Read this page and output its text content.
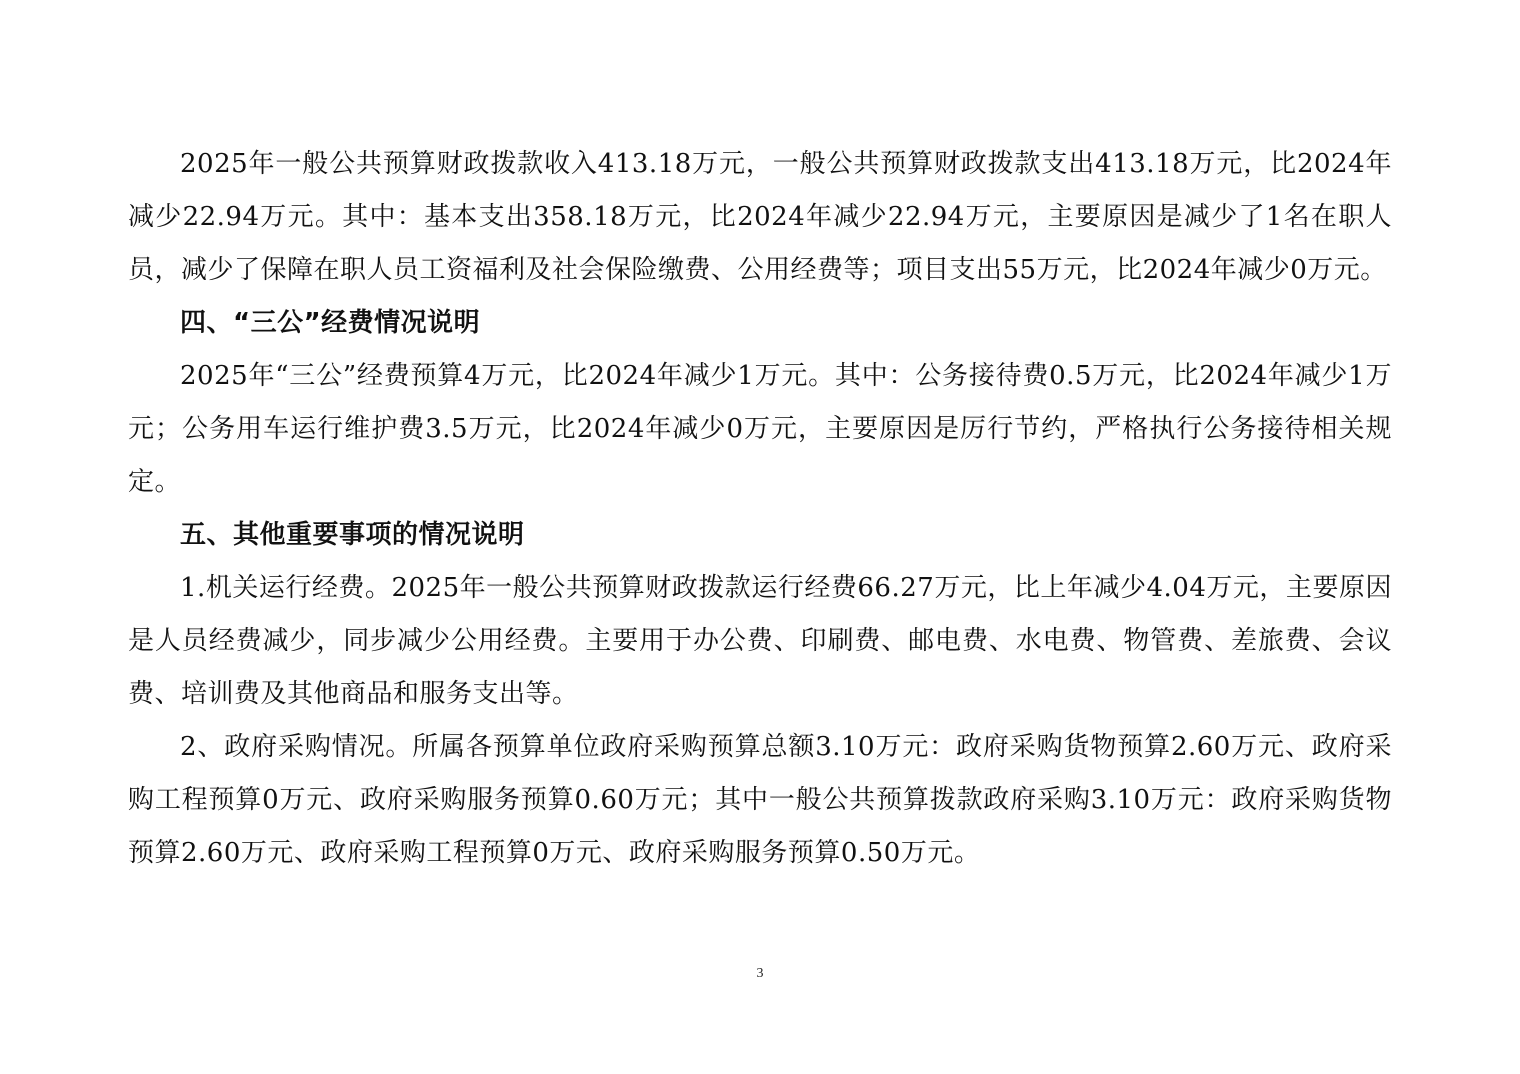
2025年一般公共预算财政拨款收入413.18万元，一般公共预算财政拨款支出413.18万元，比2024年减少22.94万元。其中：基本支出358.18万元，比2024年减少22.94万元，主要原因是减少了1名在职人员，减少了保障在职人员工资福利及社会保险缴费、公用经费等；项目支出55万元，比2024年减少0万元。

四、“三公”经费情况说明

2025年“三公”经费预算4万元，比2024年减少1万元。其中：公务接待费0.5万元，比2024年减少1万元；公务用车运行维护费3.5万元，比2024年减少0万元，主要原因是厉行节约，严格执行公务接待相关规定。

五、其他重要事项的情况说明

1.机关运行经费。2025年一般公共预算财政拨款运行经费66.27万元，比上年减少4.04万元，主要原因是人员经费减少，同步减少公用经费。主要用于办公费、印刷费、邮电费、水电费、物管费、差旅费、会议费、培训费及其他商品和服务支出等。

2、政府采购情况。所属各预算单位政府采购预算总额3.10万元：政府采购货物预算2.60万元、政府采购工程预算0万元、政府采购服务预算0.60万元；其中一般公共预算拨款政府采购3.10万元：政府采购货物预算2.60万元、政府采购工程预算0万元、政府采购服务预算0.50万元。

3
